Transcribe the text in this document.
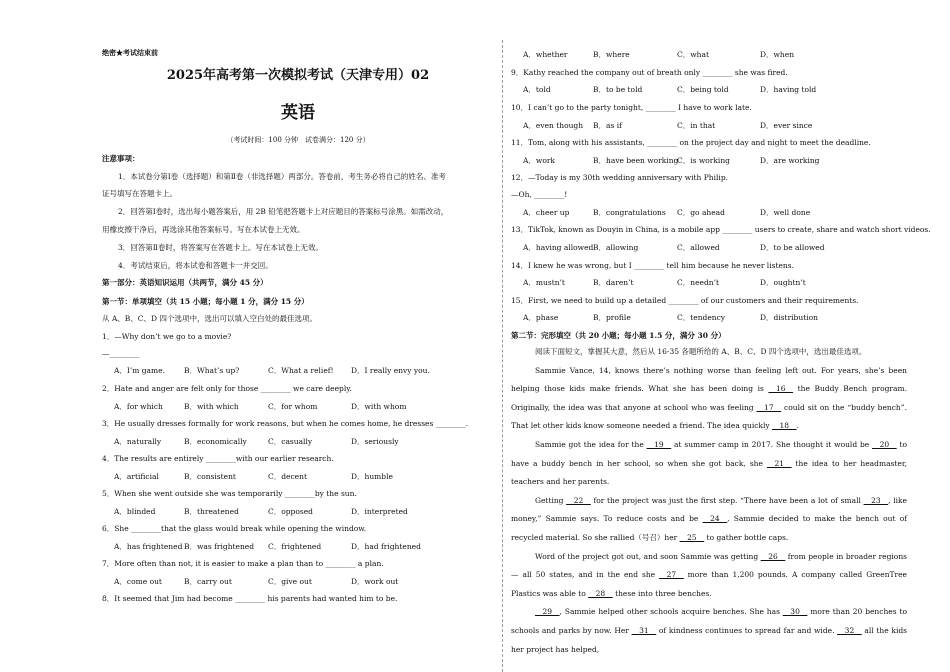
绝密★考试结束前
2025年高考第一次模拟考试（天津专用）02
英语
（考试时间：100 分钟　试卷满分：120 分）
注意事项：
1．本试卷分第Ⅰ卷（选择题）和第Ⅱ卷（非选择题）两部分。答卷前，考生务必将自己的姓名、准考
证号填写在答题卡上。
2．回答第Ⅰ卷时，选出每小题答案后，用 2B 铅笔把答题卡上对应题目的答案标号涂黑。如需改动，
用橡皮擦干净后，再选涂其他答案标号。写在本试卷上无效。
3．回答第Ⅱ卷时，将答案写在答题卡上。写在本试卷上无效。
4．考试结束后，将本试卷和答题卡一并交回。
第一部分：英语知识运用（共两节，满分 45 分）
第一节：单项填空（共 15 小题；每小题 1 分，满分 15 分）
从 A、B、C、D 四个选项中，选出可以填入空白处的最佳选项。
1．—Why don’t we go to a movie?
—________
A．I’m game.	B．What’s up?	C．What a relief! D．I really envy you.
2．Hate and anger are felt only for those ________ we care deeply.
A．for which	B．with which	C．for whom	D．with whom
3．He usually dresses formally for work reasons, but when he comes home, he dresses ________.
A．naturally	B．economically	C．casually	D．seriously
4．The results are entirely ________with our earlier research.
A．artificial	B．consistent	C．decent	D．humble
5．When she went outside she was temporarily ________by the sun.
A．blinded	B．threatened	C．opposed	D．interpreted
6．She ________that the glass would break while opening the window.
A．has frightened B．was frightened C．frightened	D．had frightened
7．More often than not, it is easier to make a plan than to ________ a plan.
A．come out	B．carry out	C．give out	D．work out
8．It seemed that Jim had become ________ his parents had wanted him to be.
A．whether	B．where	C．what	D．when
9．Kathy reached the company out of breath only ________ she was fired.
A．told	B．to be told	C．being told	D．having told
10．I can’t go to the party tonight, ________ I have to work late.
A．even though B．as if	C．in that	D．ever since
11．Tom, along with his assistants, ________ on the project day and night to meet the deadline.
A．work	B．have been working
C．is working	D．are working
12．—Today is my 30th wedding anniversary with Philip.
—Oh, ________!
A．cheer up	B．congratulations C．go ahead	D．well done
13．TikTok, known as Douyin in China, is a mobile app ________ users to create, share and watch short videos.
A．having allowed B．allowing	C．allowed	D．to be allowed
14．I knew he was wrong, but I ________ tell him because he never listens.
A．mustn’t	B．daren’t	C．needn’t	D．oughtn’t
15．First, we need to build up a detailed ________ of our customers and their requirements.
A．phase	B．profile	C．tendency	D．distribution
第二节：完形填空（共 20 小题；每小题 1.5 分，满分 30 分）

阅读下面短文，掌握其大意，然后从 16-35 各题所给的 A、B、C、D 四个选项中，选出最佳选项。

Sammie Vance, 14, knows there’s nothing worse than feeling left out. For years, she’s been helping those kids make friends. What she has been doing is __16__ the Buddy Bench program. Originally, the idea was that anyone at school who was feeling __17__ could sit on the “buddy bench”. That let other kids know someone needed a friend. The idea quickly __18__.

Sammie got the idea for the __19__ at summer camp in 2017. She thought it would be __20__ to have a buddy bench in her school, so when she got back, she __21__ the idea to her headmaster, teachers and her parents.

Getting __22__ for the project was just the first step. “There have been a lot of small __23__, like money,” Sammie says. To reduce costs and be __24__, Sammie decided to make the bench out of recycled material. So she rallied（号召）her __25__ to gather bottle caps.

Word of the project got out, and soon Sammie was getting __26__ from people in broader regions — all 50 states, and in the end she __27__ more than 1,200 pounds. A company called GreenTree Plastics was able to __28__ these into three benches.

__29__, Sammie helped other schools acquire benches. She has __30__ more than 20 benches to schools and parks by now. Her __31__ of kindness continues to spread far and wide. __32__ all the kids her project has helped,
